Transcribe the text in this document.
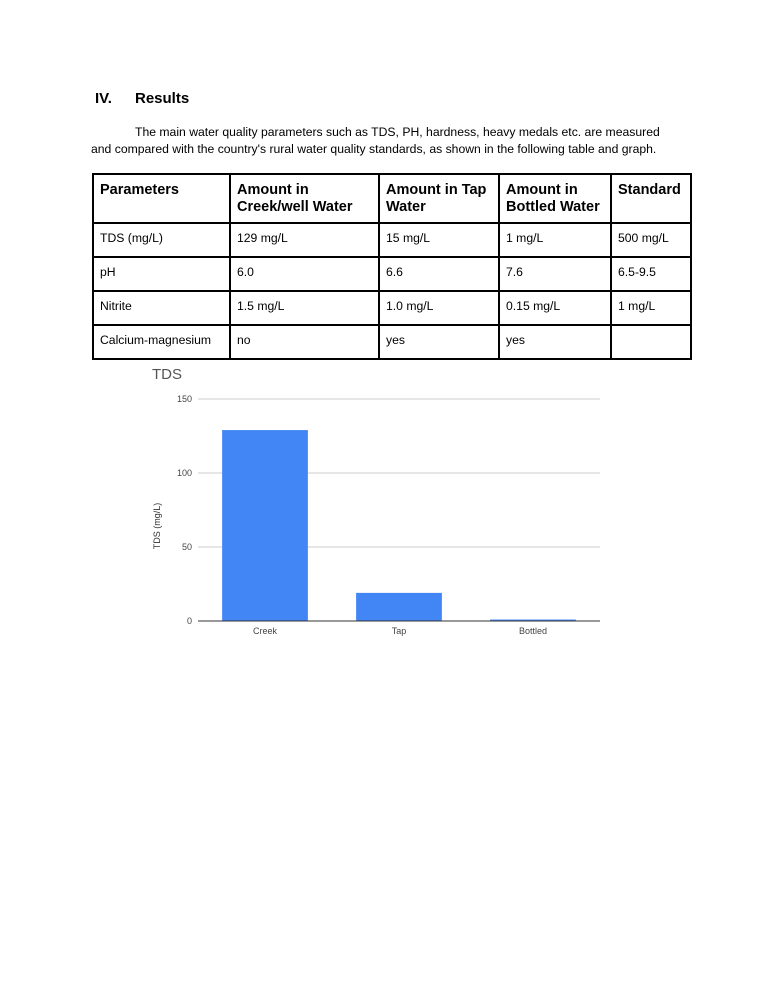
IV. Results
The main water quality parameters such as TDS, PH, hardness, heavy medals etc. are measured
and compared with the country's rural water quality standards, as shown in the following table and graph.
Parameters	Amount in Creek/well Water	Amount in Tap Water	Amount in Bottled Water	Standard
TDS (mg/L)	129 mg/L	15 mg/L	1 mg/L	500 mg/L
pH	6.0	6.6	7.6	6.5-9.5
Nitrite	1.5 mg/L	1.0 mg/L	0.15 mg/L	1 mg/L
Calcium-magnesium	no	yes	yes	
TDS
0
50
100
150
Creek	Tap	Bottled
TDS (mg/L)
